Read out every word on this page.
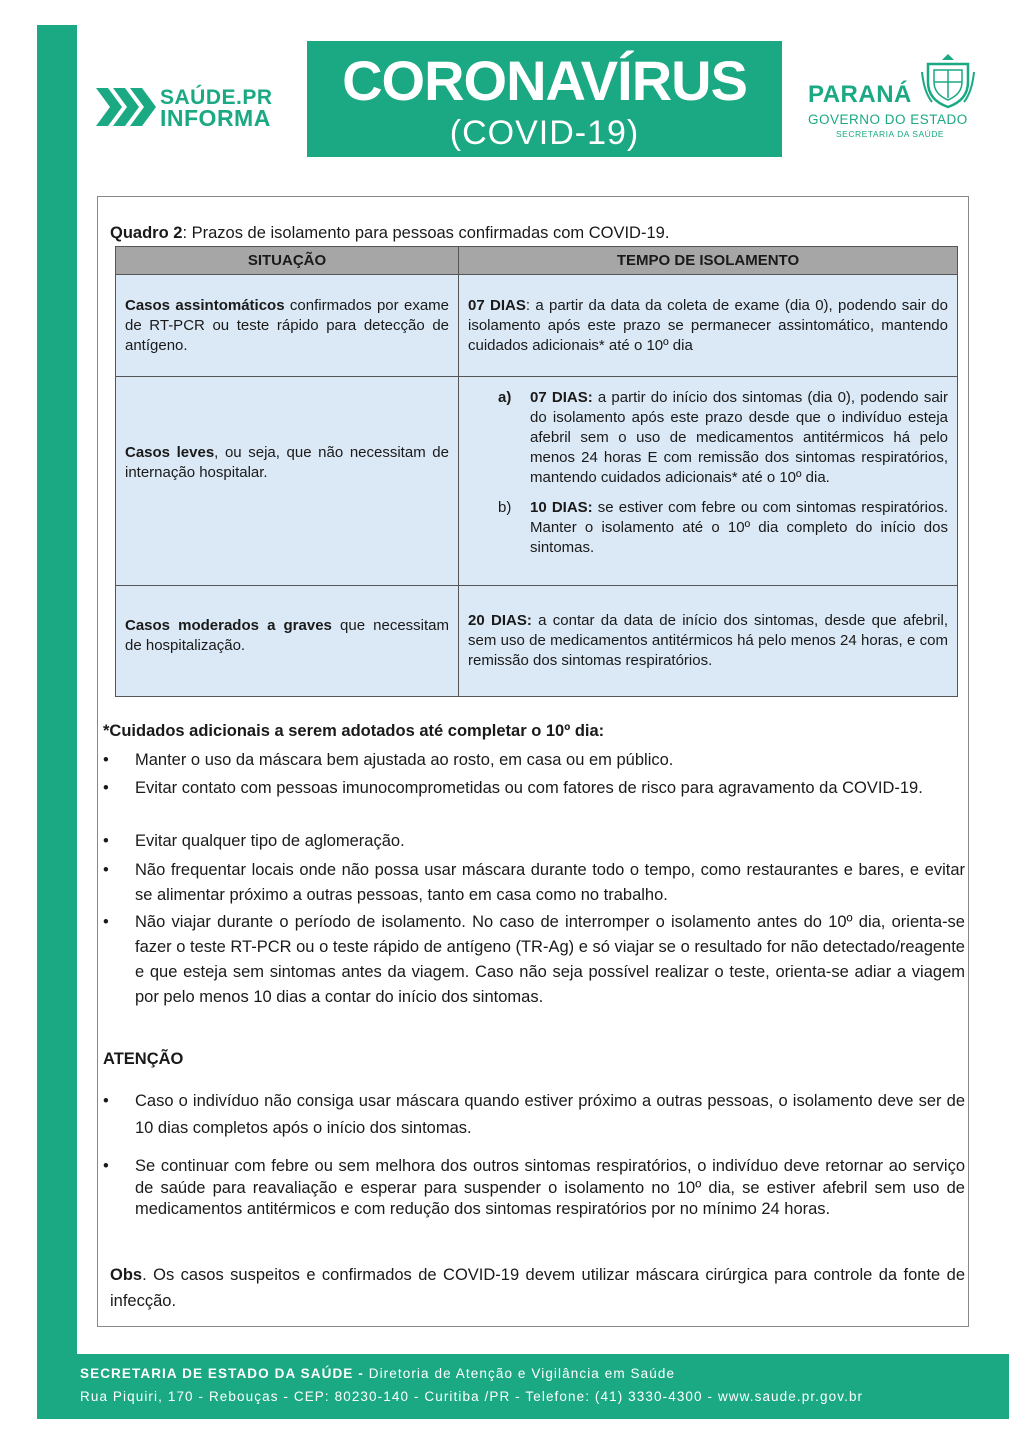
SAÚDE.PR
INFORMA
CORONAVÍRUS
(COVID-19)
PARANÁ
GOVERNO DO ESTADO
SECRETARIA DA SAÚDE
Quadro 2: Prazos de isolamento para pessoas confirmadas com COVID-19.
SITUAÇÃO	TEMPO DE ISOLAMENTO
Casos assintomáticos confirmados por exame de RT-PCR ou teste rápido para detecção de antígeno.	07 DIAS: a partir da data da coleta de exame (dia 0), podendo sair do isolamento após este prazo se permanecer assintomático, mantendo cuidados adicionais* até o 10º dia
Casos leves, ou seja, que não necessitam de internação hospitalar.	a) 07 DIAS: a partir do início dos sintomas (dia 0), podendo sair do isolamento após este prazo desde que o indivíduo esteja afebril sem o uso de medicamentos antitérmicos há pelo menos 24 horas E com remissão dos sintomas respiratórios, mantendo cuidados adicionais* até o 10º dia.
b) 10 DIAS: se estiver com febre ou com sintomas respiratórios. Manter o isolamento até o 10º dia completo do início dos sintomas.

Casos moderados a graves que necessitam de hospitalização.	20 DIAS: a contar da data de início dos sintomas, desde que afebril, sem uso de medicamentos antitérmicos há pelo menos 24 horas, e com remissão dos sintomas respiratórios.
*Cuidados adicionais a serem adotados até completar o 10º dia:
•	Manter o uso da máscara bem ajustada ao rosto, em casa ou em público.
•	Evitar contato com pessoas imunocomprometidas ou com fatores de risco para agravamento da COVID-19.
•	Evitar qualquer tipo de aglomeração.
•	Não frequentar locais onde não possa usar máscara durante todo o tempo, como restaurantes e bares, e evitar se alimentar próximo a outras pessoas, tanto em casa como no trabalho.
•	Não viajar durante o período de isolamento. No caso de interromper o isolamento antes do 10º dia, orienta-se fazer o teste RT-PCR ou o teste rápido de antígeno (TR-Ag) e só viajar se o resultado for não detectado/reagente e que esteja sem sintomas antes da viagem. Caso não seja possível realizar o teste, orienta-se adiar a viagem por pelo menos 10 dias a contar do início dos sintomas.
ATENÇÃO
•	Caso o indivíduo não consiga usar máscara quando estiver próximo a outras pessoas, o isolamento deve ser de 10 dias completos após o início dos sintomas.
•	Se continuar com febre ou sem melhora dos outros sintomas respiratórios, o indivíduo deve retornar ao serviço de saúde para reavaliação e esperar para suspender o isolamento no 10º dia, se estiver afebril sem uso de medicamentos antitérmicos e com redução dos sintomas respiratórios por no mínimo 24 horas.
Obs. Os casos suspeitos e confirmados de COVID-19 devem utilizar máscara cirúrgica para controle da fonte de infecção.
SECRETARIA DE ESTADO DA SAÚDE - Diretoria de Atenção e Vigilância em Saúde
Rua Piquiri, 170 - Rebouças - CEP: 80230-140 - Curitiba /PR - Telefone: (41) 3330-4300 - www.saude.pr.gov.br
